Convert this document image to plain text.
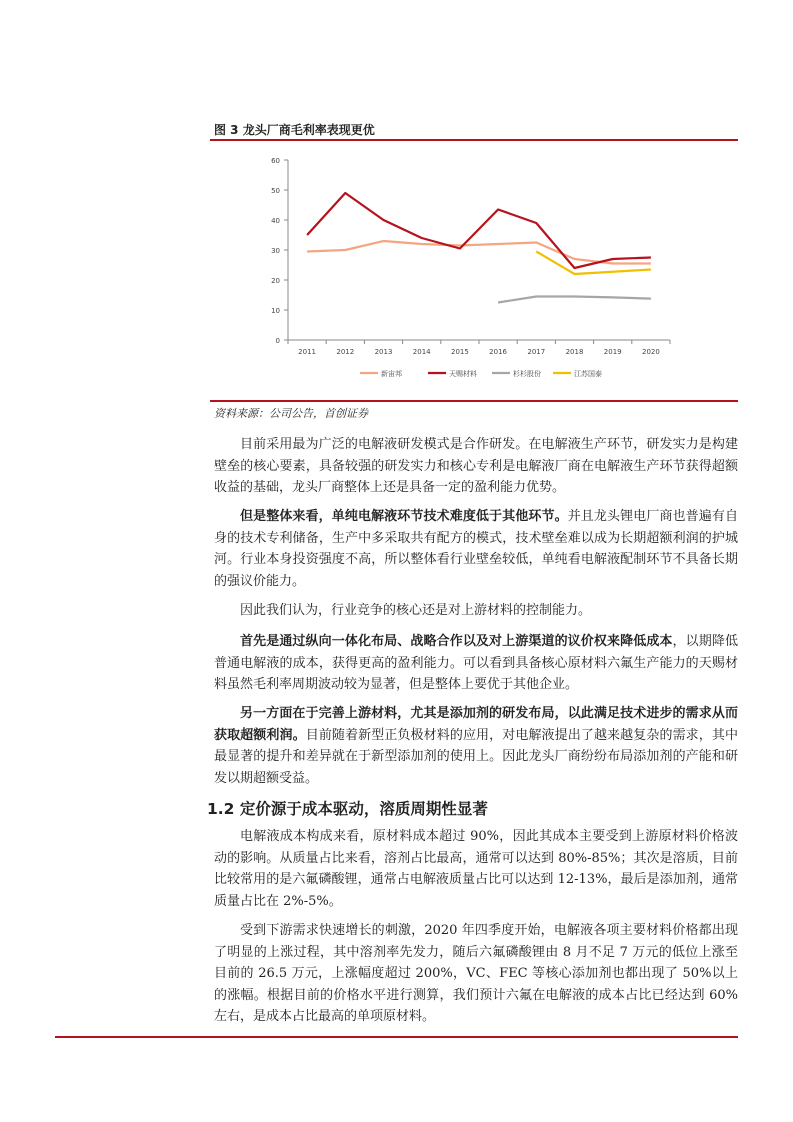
图 3 龙头厂商毛利率表现更优
0
10
20
30
40
50
60
2011	2012	2013	2014	2015	2016	2017	2018	2019	2020
新宙邦	天赐材料	杉杉股份	江苏国泰
资料来源：公司公告，首创证券
目前采用最为广泛的电解液研发模式是合作研发。在电解液生产环节，研发实力是构建壁垒的核心要素，具备较强的研发实力和核心专利是电解液厂商在电解液生产环节获得超额收益的基础，龙头厂商整体上还是具备一定的盈利能力优势。
但是整体来看，单纯电解液环节技术难度低于其他环节。并且龙头锂电厂商也普遍有自身的技术专利储备，生产中多采取共有配方的模式，技术壁垒难以成为长期超额利润的护城河。行业本身投资强度不高，所以整体看行业壁垒较低，单纯看电解液配制环节不具备长期的强议价能力。
因此我们认为，行业竞争的核心还是对上游材料的控制能力。
首先是通过纵向一体化布局、战略合作以及对上游渠道的议价权来降低成本，以期降低普通电解液的成本，获得更高的盈利能力。可以看到具备核心原材料六氟生产能力的天赐材料虽然毛利率周期波动较为显著，但是整体上要优于其他企业。
另一方面在于完善上游材料，尤其是添加剂的研发布局，以此满足技术进步的需求从而获取超额利润。目前随着新型正负极材料的应用，对电解液提出了越来越复杂的需求，其中最显著的提升和差异就在于新型添加剂的使用上。因此龙头厂商纷纷布局添加剂的产能和研发以期超额受益。
1.2 定价源于成本驱动，溶质周期性显著
电解液成本构成来看，原材料成本超过 90%，因此其成本主要受到上游原材料价格波动的影响。从质量占比来看，溶剂占比最高，通常可以达到 80%-85%；其次是溶质，目前比较常用的是六氟磷酸锂，通常占电解液质量占比可以达到 12-13%，最后是添加剂，通常质量占比在 2%-5%。
受到下游需求快速增长的刺激，2020 年四季度开始，电解液各项主要材料价格都出现了明显的上涨过程，其中溶剂率先发力，随后六氟磷酸锂由 8 月不足 7 万元的低位上涨至目前的 26.5 万元，上涨幅度超过 200%，VC、FEC 等核心添加剂也都出现了 50%以上的涨幅。根据目前的价格水平进行测算，我们预计六氟在电解液的成本占比已经达到 60%左右，是成本占比最高的单项原材料。
